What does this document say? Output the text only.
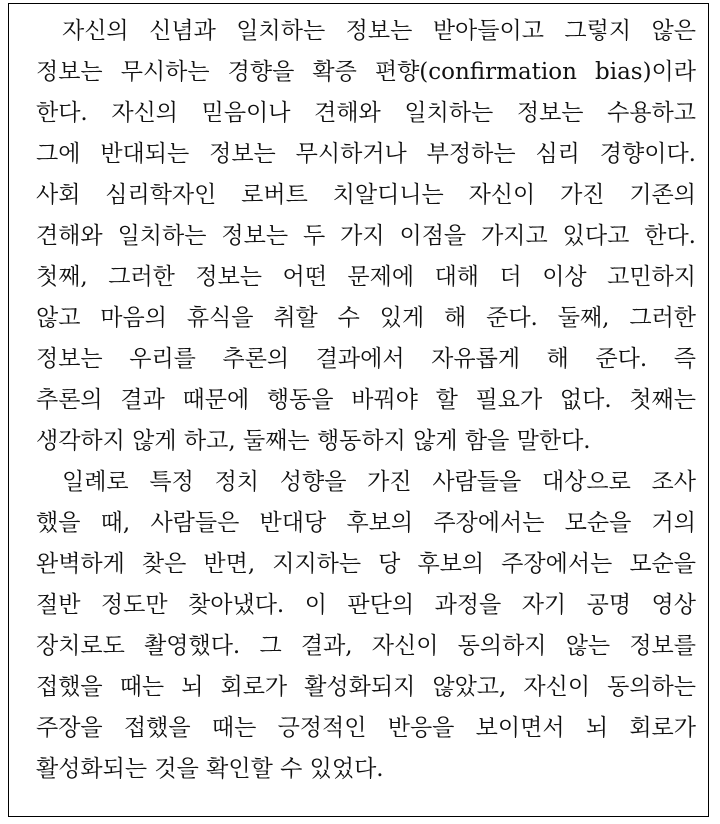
자신의 신념과 일치하는 정보는 받아들이고 그렇지 않은
정보는 무시하는 경향을 확증 편향(confirmation bias)이라
한다. 자신의 믿음이나 견해와 일치하는 정보는 수용하고
그에 반대되는 정보는 무시하거나 부정하는 심리 경향이다.
사회 심리학자인 로버트 치알디니는 자신이 가진 기존의
견해와 일치하는 정보는 두 가지 이점을 가지고 있다고 한다.
첫째, 그러한 정보는 어떤 문제에 대해 더 이상 고민하지
않고 마음의 휴식을 취할 수 있게 해 준다. 둘째, 그러한
정보는 우리를 추론의 결과에서 자유롭게 해 준다. 즉
추론의 결과 때문에 행동을 바꿔야 할 필요가 없다. 첫째는
생각하지 않게 하고, 둘째는 행동하지 않게 함을 말한다.
일례로 특정 정치 성향을 가진 사람들을 대상으로 조사
했을 때, 사람들은 반대당 후보의 주장에서는 모순을 거의
완벽하게 찾은 반면, 지지하는 당 후보의 주장에서는 모순을
절반 정도만 찾아냈다. 이 판단의 과정을 자기 공명 영상
장치로도 촬영했다. 그 결과, 자신이 동의하지 않는 정보를
접했을 때는 뇌 회로가 활성화되지 않았고, 자신이 동의하는
주장을 접했을 때는 긍정적인 반응을 보이면서 뇌 회로가
활성화되는 것을 확인할 수 있었다.
